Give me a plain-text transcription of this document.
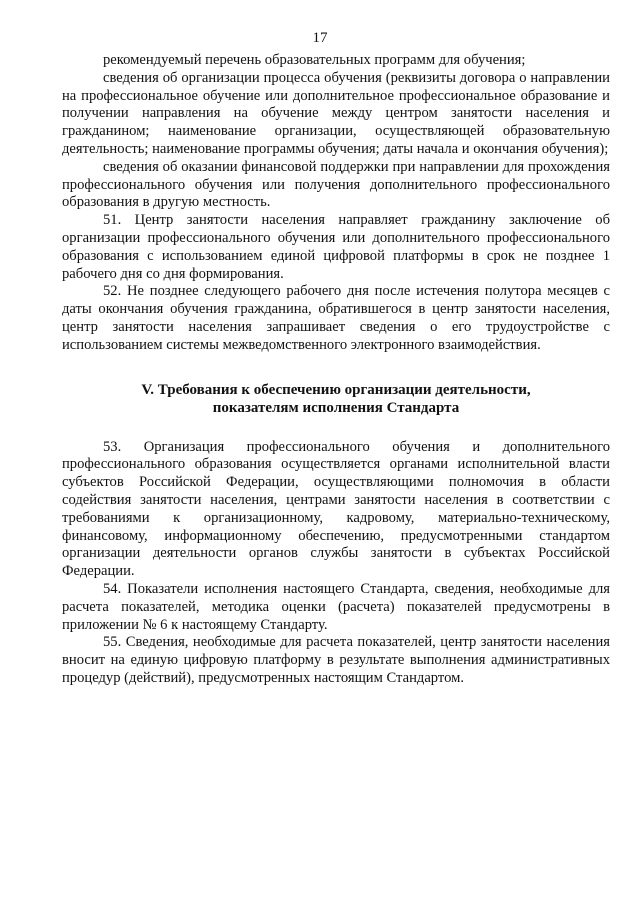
17

рекомендуемый перечень образовательных программ для обучения;

сведения об организации процесса обучения (реквизиты договора о направлении на профессиональное обучение или дополнительное профессиональное образование и получении направления на обучение между центром занятости населения и гражданином; наименование организации, осуществляющей образовательную деятельность; наименование программы обучения; даты начала и окончания обучения);

сведения об оказании финансовой поддержки при направлении для прохождения профессионального обучения или получения дополнительного профессионального образования в другую местность.

51. Центр занятости населения направляет гражданину заключение об организации профессионального обучения или дополнительного профессионального образования с использованием единой цифровой платформы в срок не позднее 1 рабочего дня со дня формирования.

52. Не позднее следующего рабочего дня после истечения полутора месяцев с даты окончания обучения гражданина, обратившегося в центр занятости населения, центр занятости населения запрашивает сведения о его трудоустройстве с использованием системы межведомственного электронного взаимодействия.

V. Требования к обеспечению организации деятельности,
показателям исполнения Стандарта

53. Организация профессионального обучения и дополнительного профессионального образования осуществляется органами исполнительной власти субъектов Российской Федерации, осуществляющими полномочия в области содействия занятости населения, центрами занятости населения в соответствии с требованиями к организационному, кадровому, материально-техническому, финансовому, информационному обеспечению, предусмотренными стандартом организации деятельности органов службы занятости в субъектах Российской Федерации.

54. Показатели исполнения настоящего Стандарта, сведения, необходимые для расчета показателей, методика оценки (расчета) показателей предусмотрены в приложении № 6 к настоящему Стандарту.

55. Сведения, необходимые для расчета показателей, центр занятости населения вносит на единую цифровую платформу в результате выполнения административных процедур (действий), предусмотренных настоящим Стандартом.
